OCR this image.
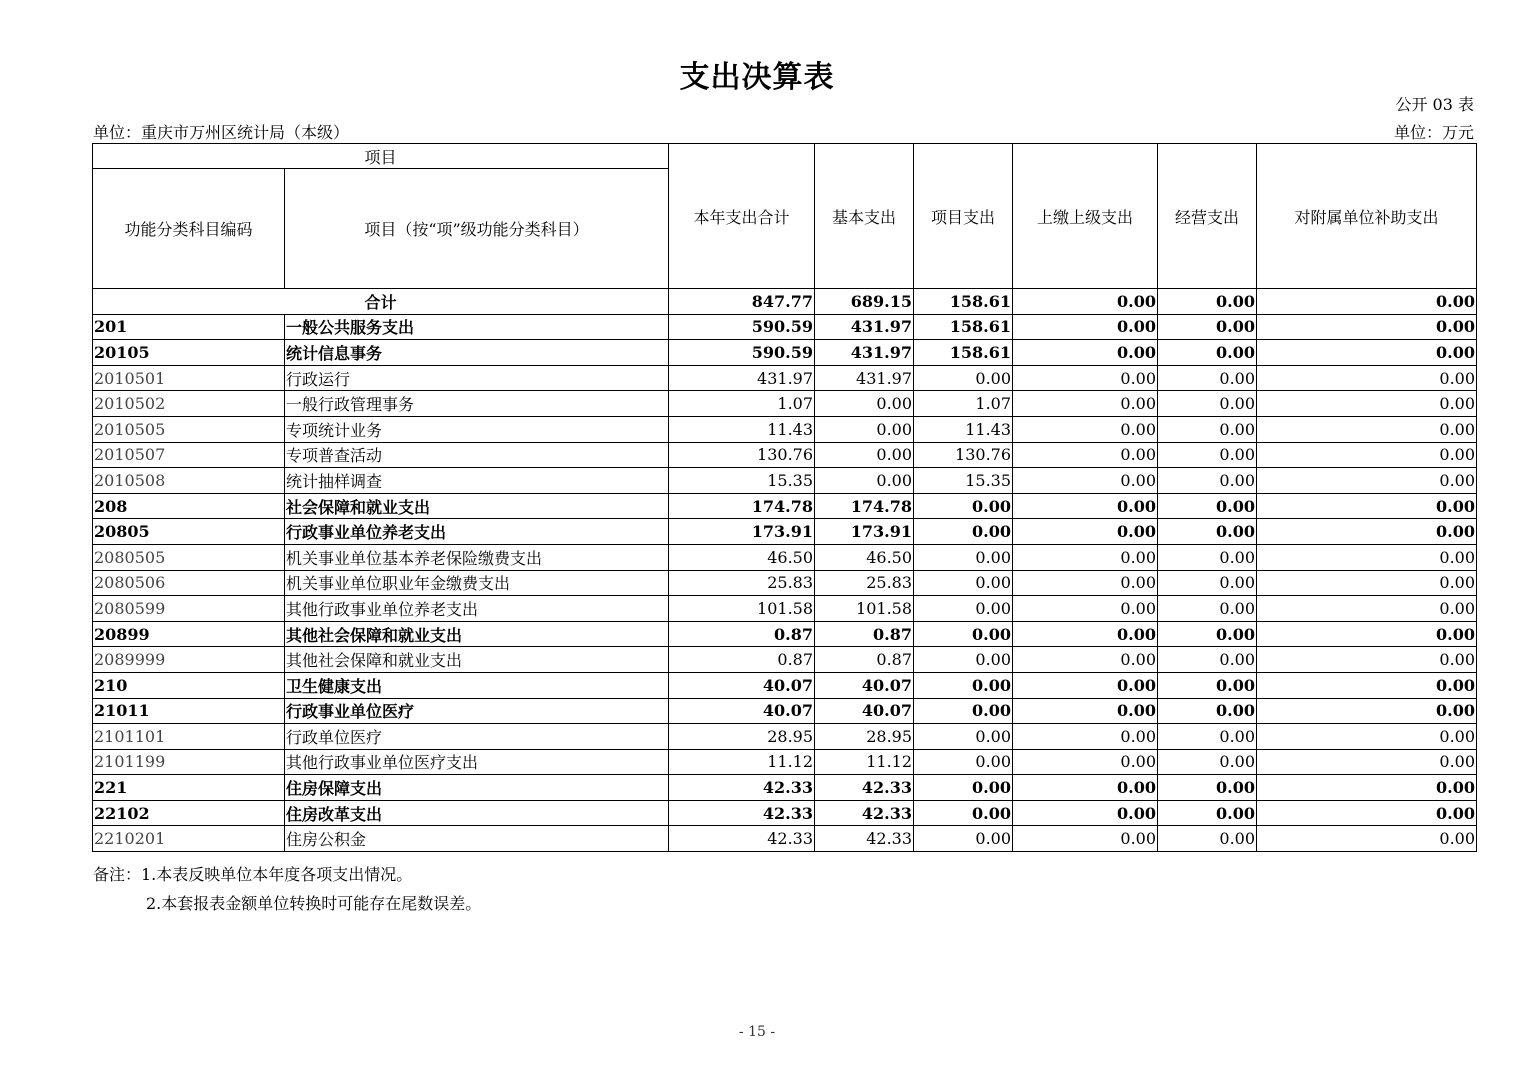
支出决算表
公开 03 表
单位：重庆市万州区统计局（本级）	单位：万元
项目		本年支出合计	基本支出	项目支出	上缴上级支出	经营支出	对附属单位补助支出
功能分类科目编码	项目（按“项”级功能分类科目）						
合计		847.77	689.15	158.61	0.00	0.00	0.00
201	一般公共服务支出	590.59	431.97	158.61	0.00	0.00	0.00
20105	统计信息事务	590.59	431.97	158.61	0.00	0.00	0.00
2010501	行政运行	431.97	431.97	0.00	0.00	0.00	0.00
2010502	一般行政管理事务	1.07	0.00	1.07	0.00	0.00	0.00
2010505	专项统计业务	11.43	0.00	11.43	0.00	0.00	0.00
2010507	专项普查活动	130.76	0.00	130.76	0.00	0.00	0.00
2010508	统计抽样调查	15.35	0.00	15.35	0.00	0.00	0.00
208	社会保障和就业支出	174.78	174.78	0.00	0.00	0.00	0.00
20805	行政事业单位养老支出	173.91	173.91	0.00	0.00	0.00	0.00
2080505	机关事业单位基本养老保险缴费支出	46.50	46.50	0.00	0.00	0.00	0.00
2080506	机关事业单位职业年金缴费支出	25.83	25.83	0.00	0.00	0.00	0.00
2080599	其他行政事业单位养老支出	101.58	101.58	0.00	0.00	0.00	0.00
20899	其他社会保障和就业支出	0.87	0.87	0.00	0.00	0.00	0.00
2089999	其他社会保障和就业支出	0.87	0.87	0.00	0.00	0.00	0.00
210	卫生健康支出	40.07	40.07	0.00	0.00	0.00	0.00
21011	行政事业单位医疗	40.07	40.07	0.00	0.00	0.00	0.00
2101101	行政单位医疗	28.95	28.95	0.00	0.00	0.00	0.00
2101199	其他行政事业单位医疗支出	11.12	11.12	0.00	0.00	0.00	0.00
221	住房保障支出	42.33	42.33	0.00	0.00	0.00	0.00
22102	住房改革支出	42.33	42.33	0.00	0.00	0.00	0.00
2210201	住房公积金	42.33	42.33	0.00	0.00	0.00	0.00
备注：1.本表反映单位本年度各项支出情况。
2.本套报表金额单位转换时可能存在尾数误差。
- 15 -
